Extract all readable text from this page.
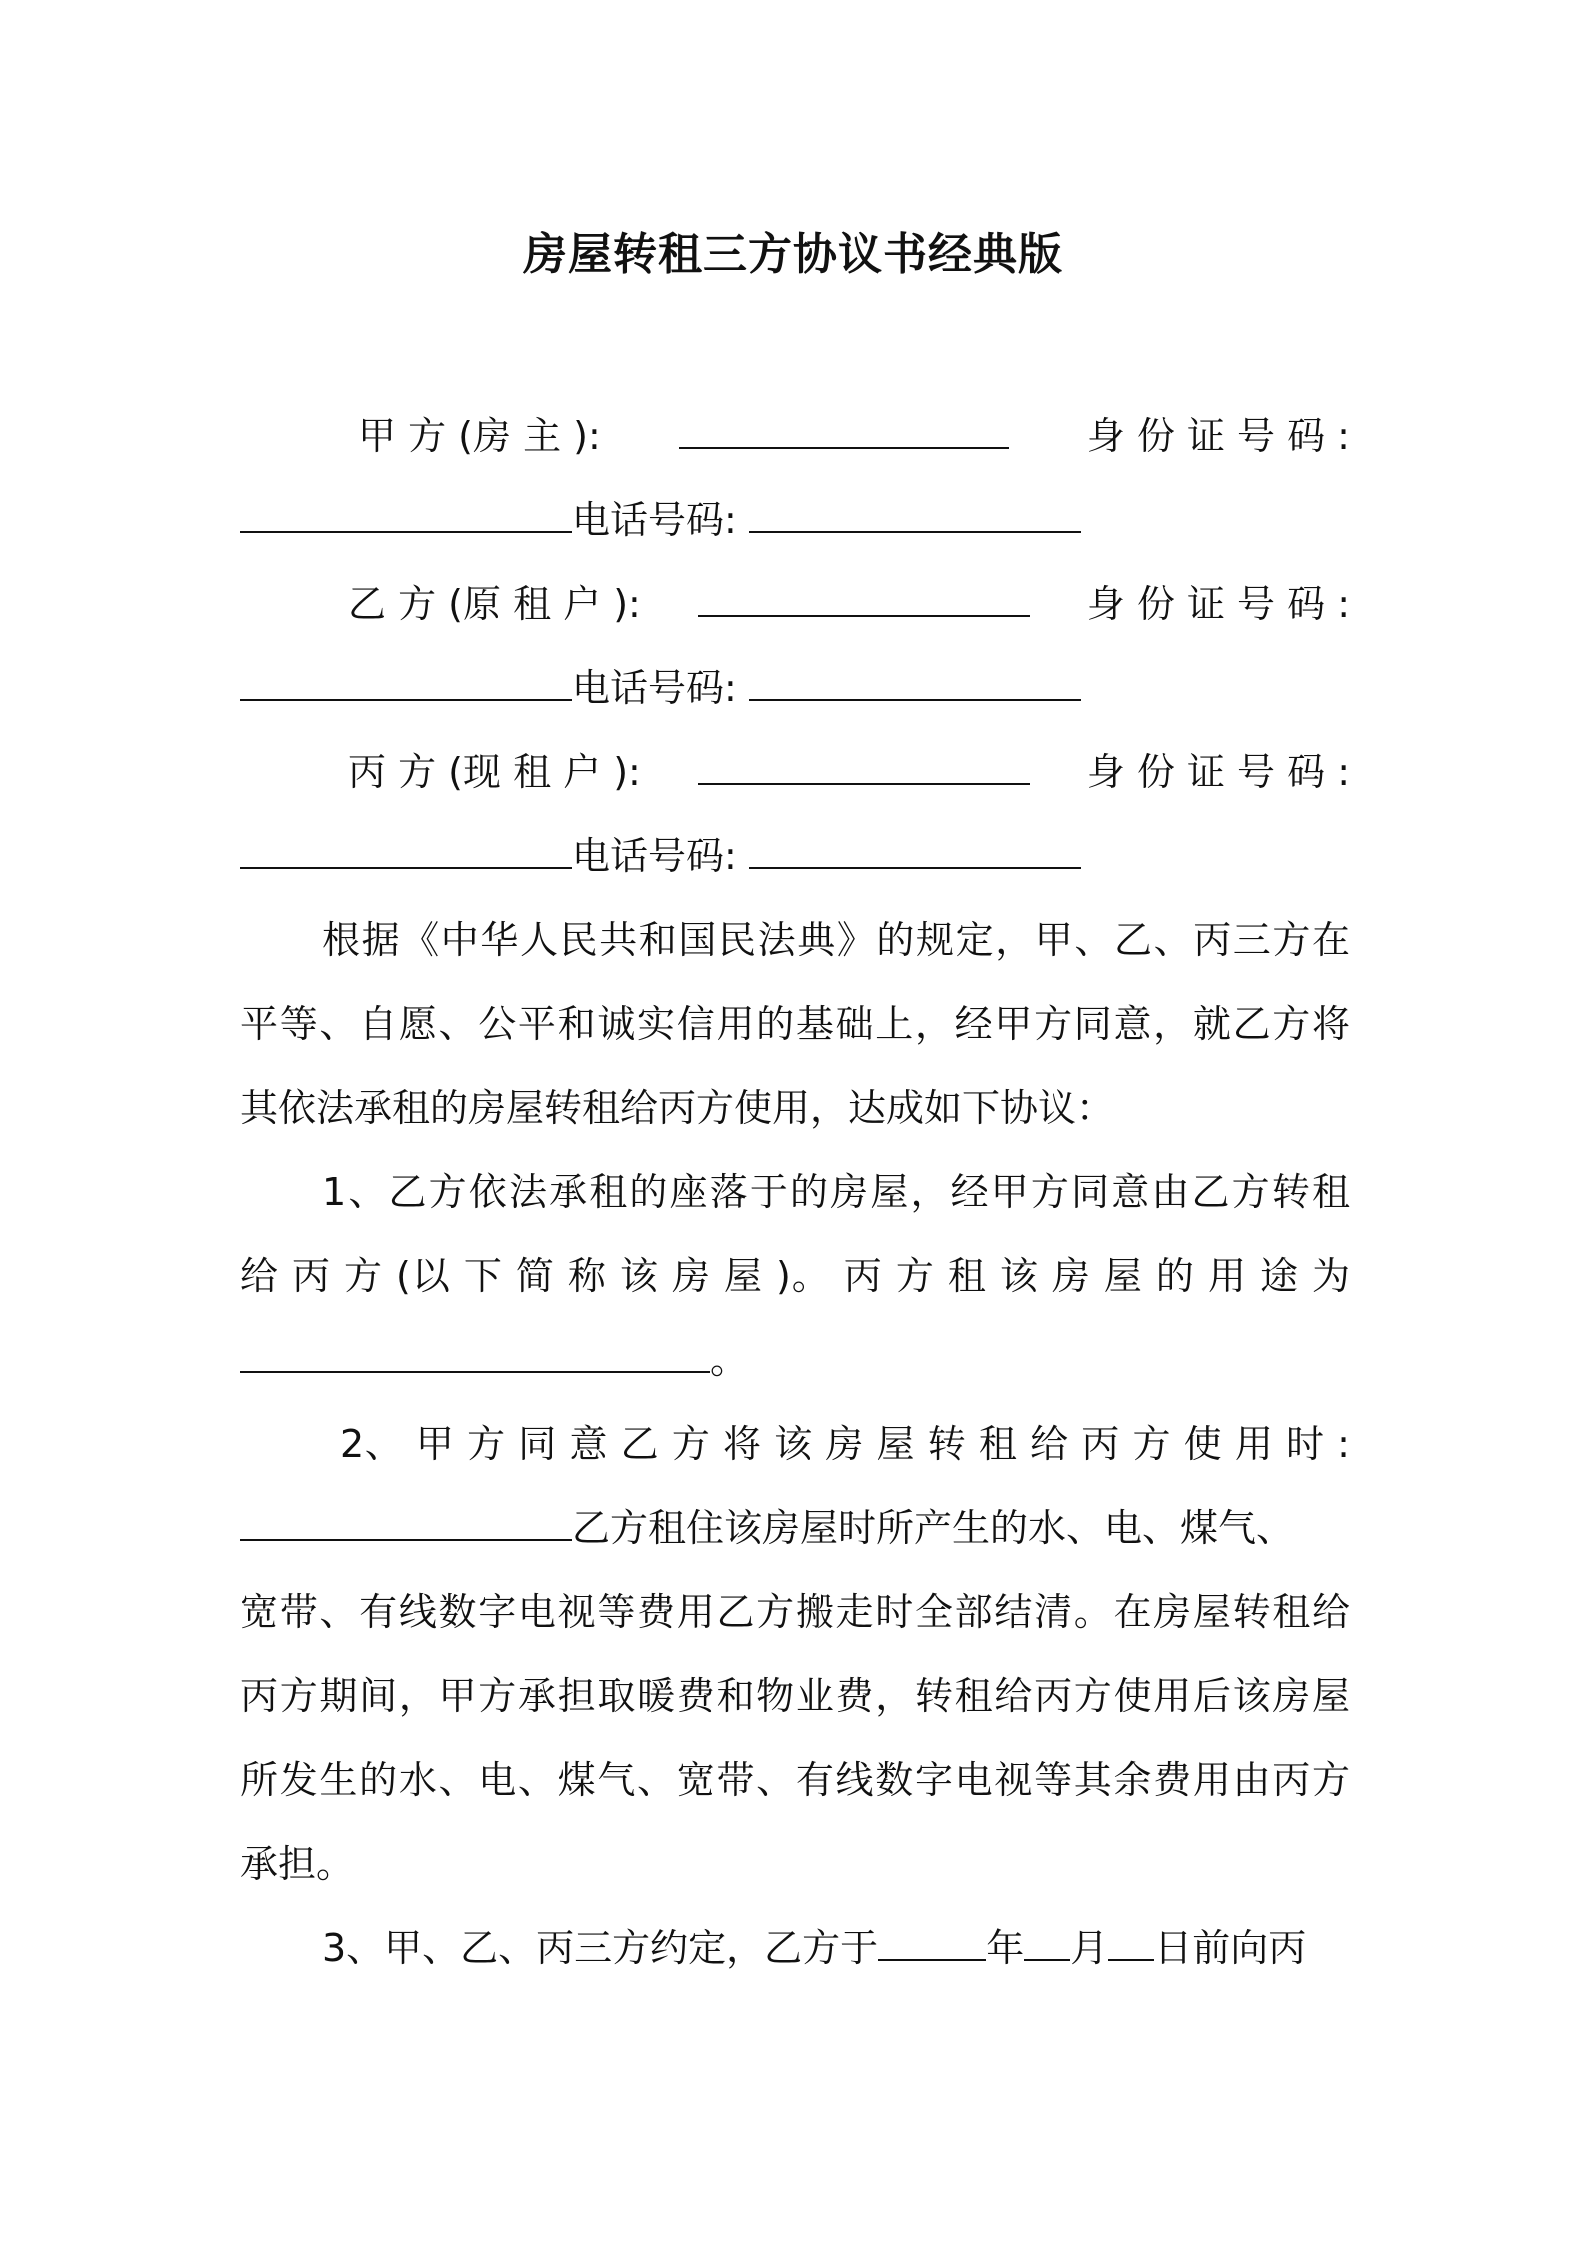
房屋转租三方协议书经典版
甲 方 (房 主 ):	身 份 证 号 码 :
电话号码:
乙 方 (原 租 户 ):	身 份 证 号 码 :
电话号码:
丙 方 (现 租 户 ):	身 份 证 号 码 :
电话号码:
根据《中华人民共和国民法典》的规定，甲、乙、丙三方在
平等、自愿、公平和诚实信用的基础上，经甲方同意，就乙方将
其依法承租的房屋转租给丙方使用，达成如下协议：
1、乙方依法承租的座落于的房屋，经甲方同意由乙方转租
给 丙 方 (以 下 简 称 该 房 屋 )。 丙 方 租 该 房 屋 的 用 途 为
。
2、 甲 方 同 意 乙 方 将 该 房 屋 转 租 给 丙 方 使 用 时 :
乙方租住该房屋时所产生的水、电、煤气、
宽带、有线数字电视等费用乙方搬走时全部结清。在房屋转租给
丙方期间，甲方承担取暖费和物业费，转租给丙方使用后该房屋
所发生的水、电、煤气、宽带、有线数字电视等其余费用由丙方
承担。
3、甲、乙、丙三方约定，乙方于	年 月 日前向丙
